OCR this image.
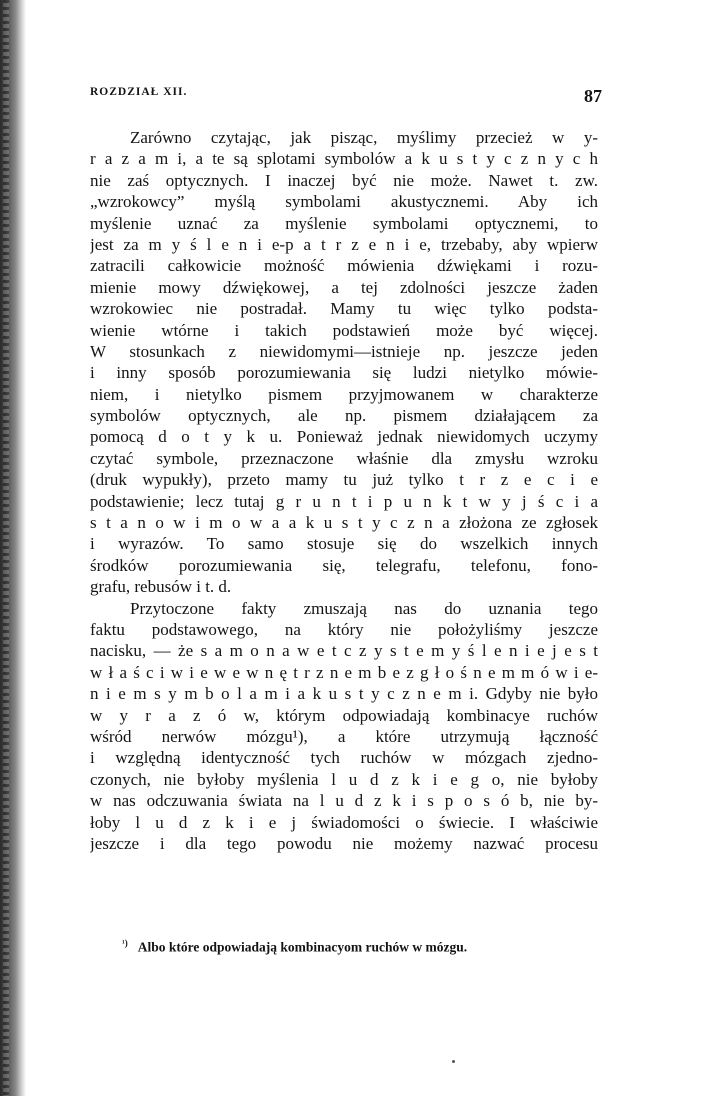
ROZDZIAŁ XII.	87
Zarówno czytając, jak pisząc, myślimy przecież w y-
r a z a m i, a te są splotami symbolów a k u s t y c z n y c h
nie zaś optycznych. I inaczej być nie może. Nawet t. zw.
„wzrokowcy” myślą symbolami akustycznemi. Aby ich
myślenie uznać za myślenie symbolami optycznemi, to
jest za m y ś l e n i e-p a t r z e n i e, trzebaby, aby wpierw
zatracili całkowicie możność mówienia dźwiękami i rozu-
mienie mowy dźwiękowej, a tej zdolności jeszcze żaden
wzrokowiec nie postradał. Mamy tu więc tylko podsta-
wienie wtórne i takich podstawień może być więcej.
W stosunkach z niewidomymi—istnieje np. jeszcze jeden
i inny sposób porozumiewania się ludzi nietylko mówie-
niem, i nietylko pismem przyjmowanem w charakterze
symbolów optycznych, ale np. pismem działającem za
pomocą d o t y k u. Ponieważ jednak niewidomych uczymy
czytać symbole, przeznaczone właśnie dla zmysłu wzroku
(druk wypukły), przeto mamy tu już tylko t r z e c i e
podstawienie; lecz tutaj g r u n t i p u n k t w y j ś c i a
s t a n o w i m o w a a k u s t y c z n a złożona ze zgłosek
i wyrazów. To samo stosuje się do wszelkich innych
środków porozumiewania się, telegrafu, telefonu, fono-
grafu, rebusów i t. d.
Przytoczone fakty zmuszają nas do uznania tego
faktu podstawowego, na który nie położyliśmy jeszcze
nacisku, — że s a m o n a w e t c z y s t e m y ś l e n i e j e s t
w ł a ś c i w i e w e w n ę t r z n e m b e z g ł o ś n e m m ó w i e-
n i e m s y m b o l a m i a k u s t y c z n e m i. Gdyby nie było
w y r a z ó w, którym odpowiadają kombinacye ruchów
wśród nerwów mózgu¹), a które utrzymują łączność
i względną identyczność tych ruchów w mózgach zjedno-
czonych, nie byłoby myślenia l u d z k i e g o, nie byłoby
w nas odczuwania świata na l u d z k i s p o s ó b, nie by-
łoby l u d z k i e j świadomości o świecie. I właściwie
jeszcze i dla tego powodu nie możemy nazwać procesu
$^{^1)}$ Albo które odpowiadają kombinacyom ruchów w mózgu.
